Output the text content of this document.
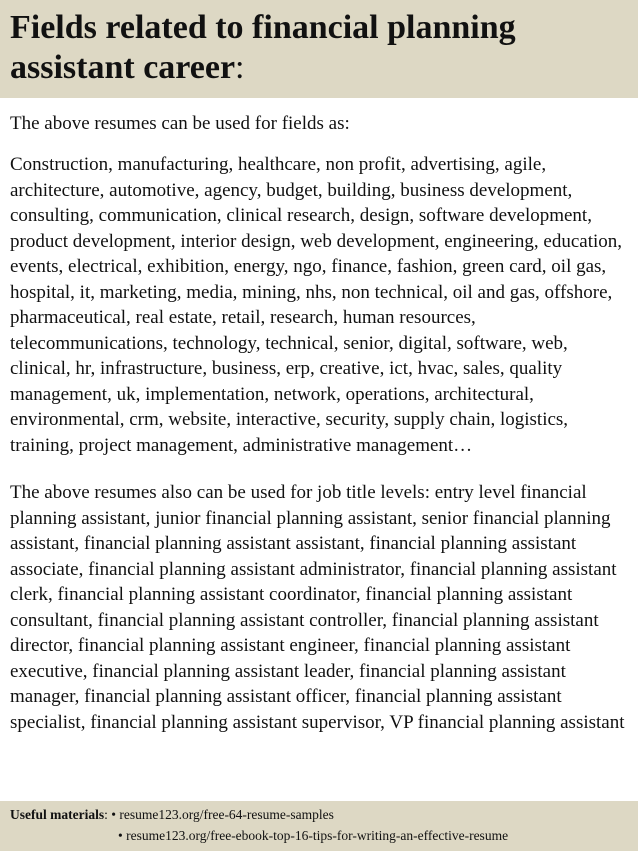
Fields related to financial planning assistant career:

The above resumes can be used for fields as:

Construction, manufacturing, healthcare, non profit, advertising, agile, architecture, automotive, agency, budget, building, business development, consulting, communication, clinical research, design, software development, product development, interior design, web development, engineering, education, events, electrical, exhibition, energy, ngo, finance, fashion, green card, oil gas, hospital, it, marketing, media, mining, nhs, non technical, oil and gas, offshore, pharmaceutical, real estate, retail, research, human resources, telecommunications, technology, technical, senior, digital, software, web, clinical, hr, infrastructure, business, erp, creative, ict, hvac, sales, quality management, uk, implementation, network, operations, architectural, environmental, crm, website, interactive, security, supply chain, logistics, training, project management, administrative management…

The above resumes also can be used for job title levels: entry level financial planning assistant, junior financial planning assistant, senior financial planning assistant, financial planning assistant assistant, financial planning assistant associate, financial planning assistant administrator, financial planning assistant clerk, financial planning assistant coordinator, financial planning assistant consultant, financial planning assistant controller, financial planning assistant director, financial planning assistant engineer, financial planning assistant executive, financial planning assistant leader, financial planning assistant manager, financial planning assistant officer, financial planning assistant specialist, financial planning assistant supervisor, VP financial planning assistant

Useful materials: • resume123.org/free-64-resume-samples
• resume123.org/free-ebook-top-16-tips-for-writing-an-effective-resume
